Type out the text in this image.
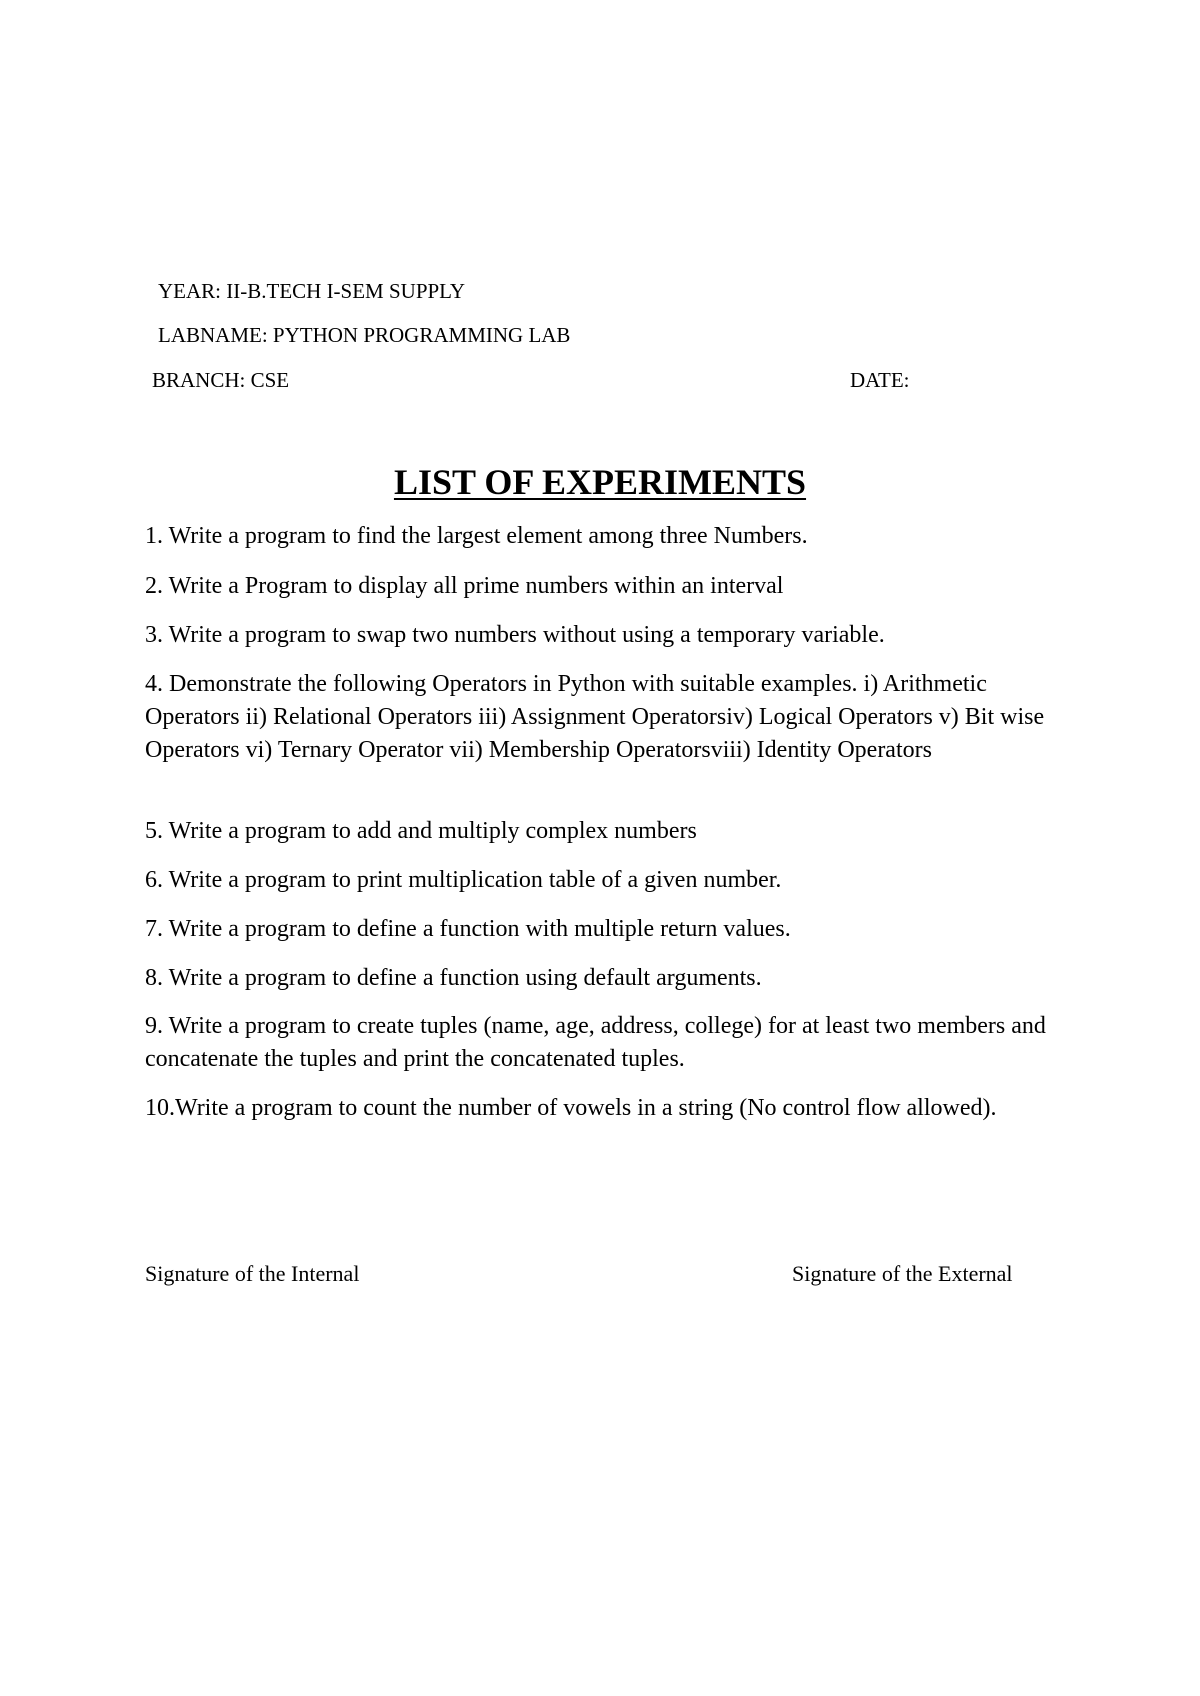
YEAR: II-B.TECH I-SEM SUPPLY
LABNAME: PYTHON PROGRAMMING LAB
BRANCH: CSE	DATE:
LIST OF EXPERIMENTS
1. Write a program to find the largest element among three Numbers.
2. Write a Program to display all prime numbers within an interval
3. Write a program to swap two numbers without using a temporary variable.
4. Demonstrate the following Operators in Python with suitable examples. i) Arithmetic Operators ii) Relational Operators iii) Assignment Operatorsiv) Logical Operators v) Bit wise Operators vi) Ternary Operator vii) Membership Operatorsviii) Identity Operators
5. Write a program to add and multiply complex numbers
6. Write a program to print multiplication table of a given number.
7. Write a program to define a function with multiple return values.
8. Write a program to define a function using default arguments.
9. Write a program to create tuples (name, age, address, college) for at least two members and concatenate the tuples and print the concatenated tuples.
10.Write a program to count the number of vowels in a string (No control flow allowed).
Signature of the Internal	Signature of the External
